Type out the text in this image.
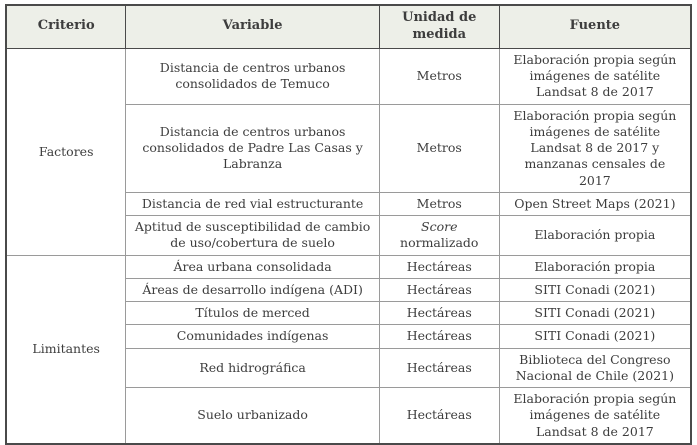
Criterio	Variable	Unidad de medida	Fuente
Factores	Distancia de centros urbanos consolidados de Temuco	Metros	Elaboración propia según imágenes de satélite Landsat 8 de 2017
	Distancia de centros urbanos consolidados de Padre Las Casas y Labranza	Metros	Elaboración propia según imágenes de satélite Landsat 8 de 2017 y manzanas censales de 2017
	Distancia de red vial estructurante	Metros	Open Street Maps (2021)
	Aptitud de susceptibilidad de cambio de uso/cobertura de suelo	Score normalizado	Elaboración propia
Limitantes	Área urbana consolidada	Hectáreas	Elaboración propia
	Áreas de desarrollo indígena (ADI)	Hectáreas	SITI Conadi (2021)
	Títulos de merced	Hectáreas	SITI Conadi (2021)
	Comunidades indígenas	Hectáreas	SITI Conadi (2021)
	Red hidrográfica	Hectáreas	Biblioteca del Congreso Nacional de Chile (2021)
	Suelo urbanizado	Hectáreas	Elaboración propia según imágenes de satélite Landsat 8 de 2017
